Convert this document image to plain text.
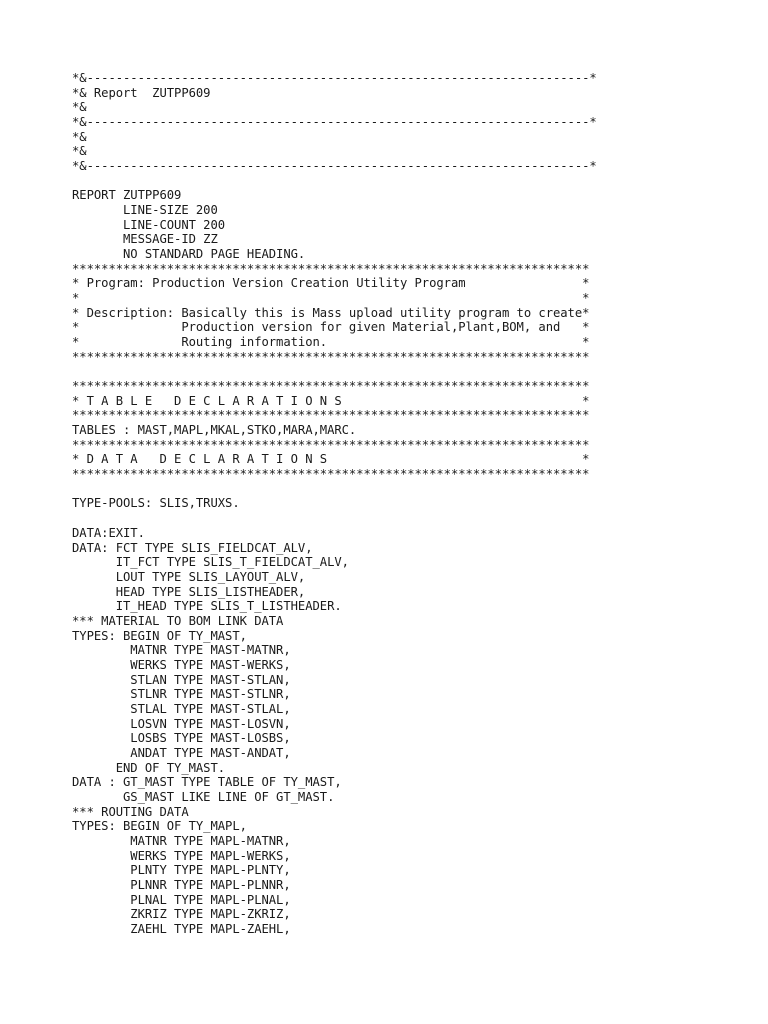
*&---------------------------------------------------------------------*
*& Report  ZUTPP609
*&
*&---------------------------------------------------------------------*
*&
*&
*&---------------------------------------------------------------------*
REPORT ZUTPP609
LINE-SIZE 200
LINE-COUNT 200
MESSAGE-ID ZZ
NO STANDARD PAGE HEADING.
***********************************************************************
* Program: Production Version Creation Utility Program                *
*                                                                     *
* Description: Basically this is Mass upload utility program to create*
*              Production version for given Material,Plant,BOM, and   *
*              Routing information.                                   *
***********************************************************************
***********************************************************************
* T A B L E   D E C L A R A T I O N S                                 *
***********************************************************************
TABLES : MAST,MAPL,MKAL,STKO,MARA,MARC.
***********************************************************************
* D A T A   D E C L A R A T I O N S                                   *
***********************************************************************
TYPE-POOLS: SLIS,TRUXS.
DATA:EXIT.
DATA: FCT TYPE SLIS_FIELDCAT_ALV,
IT_FCT TYPE SLIS_T_FIELDCAT_ALV,
LOUT TYPE SLIS_LAYOUT_ALV,
HEAD TYPE SLIS_LISTHEADER,
IT_HEAD TYPE SLIS_T_LISTHEADER.
*** MATERIAL TO BOM LINK DATA
TYPES: BEGIN OF TY_MAST,
MATNR TYPE MAST-MATNR,
WERKS TYPE MAST-WERKS,
STLAN TYPE MAST-STLAN,
STLNR TYPE MAST-STLNR,
STLAL TYPE MAST-STLAL,
LOSVN TYPE MAST-LOSVN,
LOSBS TYPE MAST-LOSBS,
ANDAT TYPE MAST-ANDAT,
END OF TY_MAST.
DATA : GT_MAST TYPE TABLE OF TY_MAST,
GS_MAST LIKE LINE OF GT_MAST.
*** ROUTING DATA
TYPES: BEGIN OF TY_MAPL,
MATNR TYPE MAPL-MATNR,
WERKS TYPE MAPL-WERKS,
PLNTY TYPE MAPL-PLNTY,
PLNNR TYPE MAPL-PLNNR,
PLNAL TYPE MAPL-PLNAL,
ZKRIZ TYPE MAPL-ZKRIZ,
ZAEHL TYPE MAPL-ZAEHL,
